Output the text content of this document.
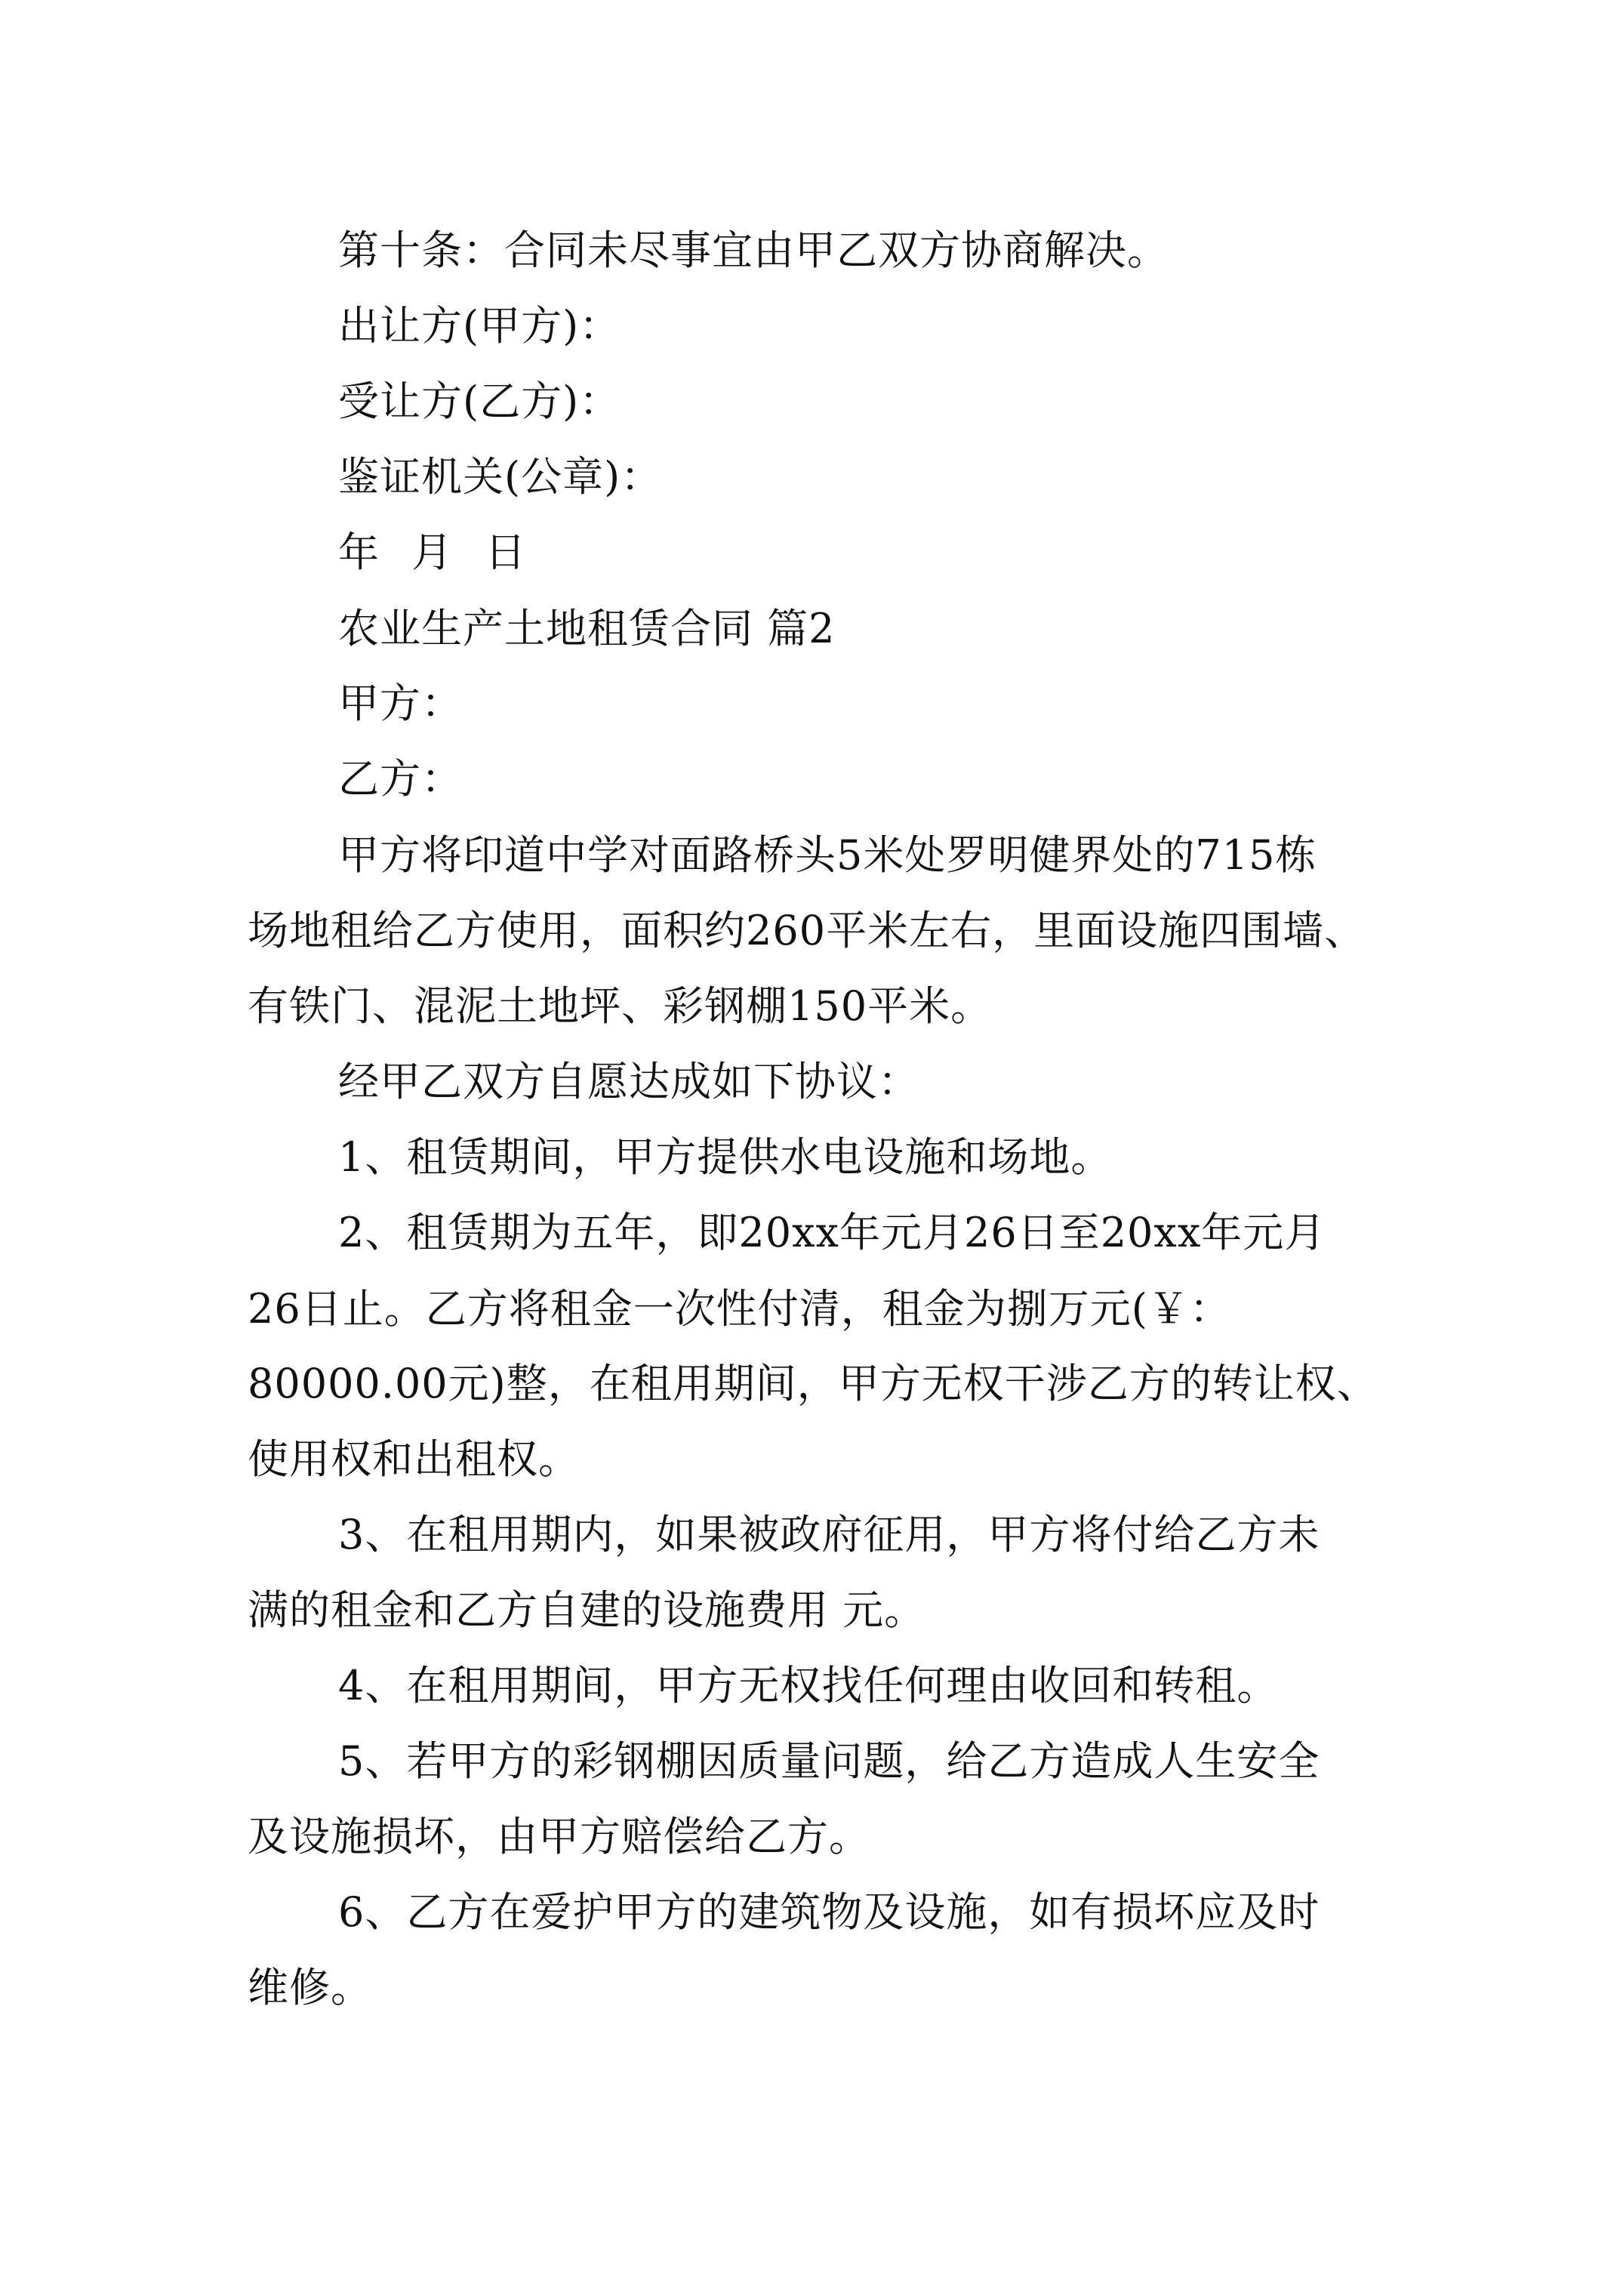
第十条：合同未尽事宜由甲乙双方协商解决。
出让方(甲方)：
受让方(乙方)：
鉴证机关(公章)：
年 月 日
农业生产土地租赁合同 篇2
甲方：
乙方：
甲方将印道中学对面路桥头5米处罗明健界处的715栋
场地租给乙方使用，面积约260平米左右，里面设施四围墙、
有铁门、混泥土地坪、彩钢棚150平米。
经甲乙双方自愿达成如下协议：
1、租赁期间，甲方提供水电设施和场地。
2、租赁期为五年，即20xx年元月26日至20xx年元月
26日止。乙方将租金一次性付清，租金为捌万元(￥：
80000.00元)整，在租用期间，甲方无权干涉乙方的转让权、
使用权和出租权。
3、在租用期内，如果被政府征用，甲方将付给乙方未
满的租金和乙方自建的设施费用 元。
4、在租用期间，甲方无权找任何理由收回和转租。
5、若甲方的彩钢棚因质量问题，给乙方造成人生安全
及设施损坏，由甲方赔偿给乙方。
6、乙方在爱护甲方的建筑物及设施，如有损坏应及时
维修。
